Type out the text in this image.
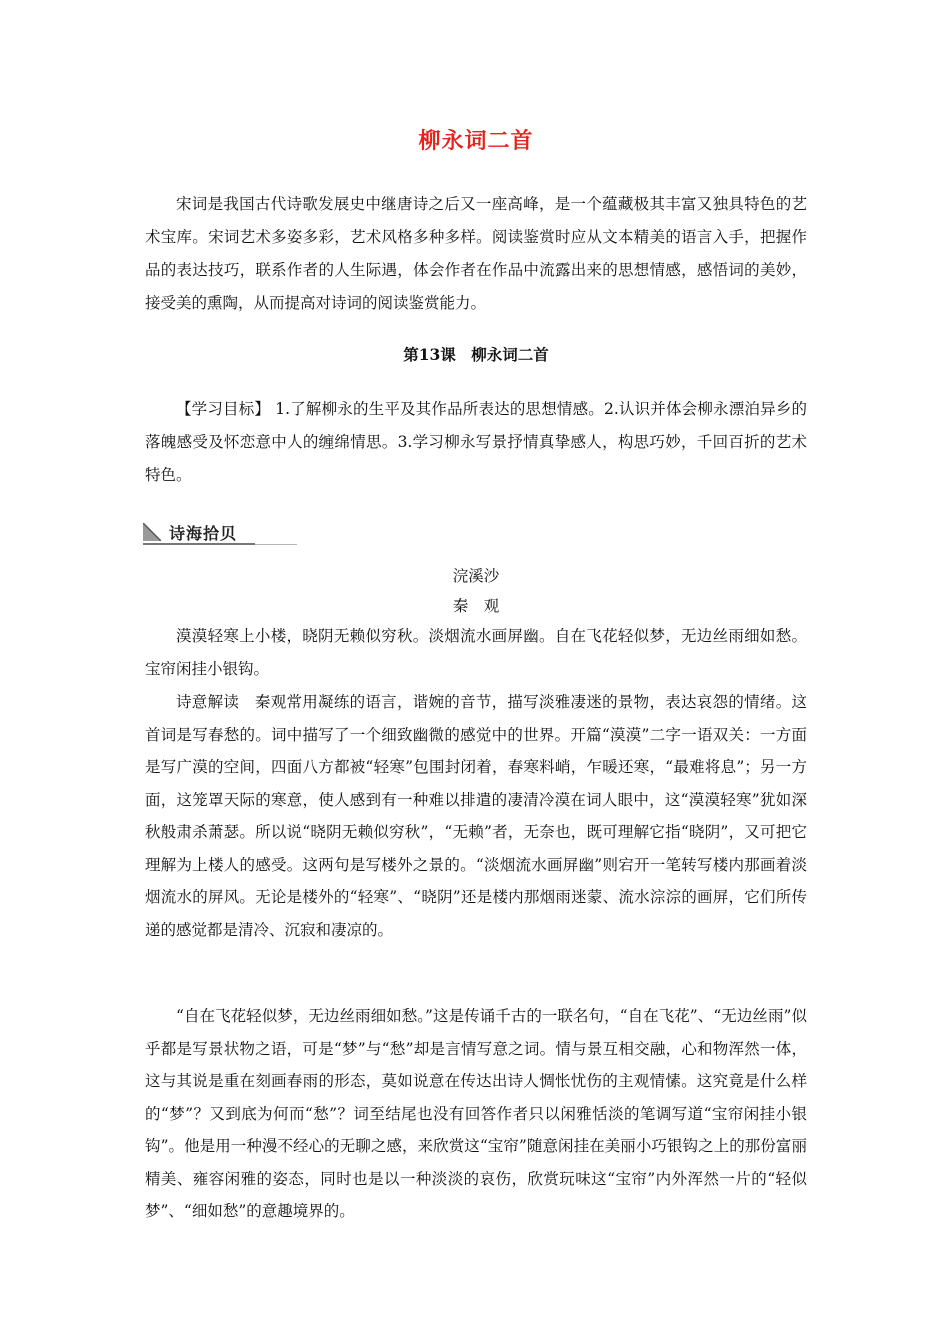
柳永词二首

宋词是我国古代诗歌发展史中继唐诗之后又一座高峰，是一个蕴藏极其丰富又独具特色的艺术宝库。宋词艺术多姿多彩，艺术风格多种多样。阅读鉴赏时应从文本精美的语言入手，把握作品的表达技巧，联系作者的人生际遇，体会作者在作品中流露出来的思想情感，感悟词的美妙，接受美的熏陶，从而提高对诗词的阅读鉴赏能力。

第13课　柳永词二首

【学习目标】 1.了解柳永的生平及其作品所表达的思想情感。2.认识并体会柳永漂泊异乡的落魄感受及怀恋意中人的缠绵情思。3.学习柳永写景抒情真挚感人，构思巧妙，千回百折的艺术特色。

诗海拾贝
浣溪沙
秦　观

漠漠轻寒上小楼，晓阴无赖似穷秋。淡烟流水画屏幽。自在飞花轻似梦，无边丝雨细如愁。宝帘闲挂小银钩。

诗意解读　秦观常用凝练的语言，谐婉的音节，描写淡雅凄迷的景物，表达哀怨的情绪。这首词是写春愁的。词中描写了一个细致幽微的感觉中的世界。开篇“漠漠”二字一语双关：一方面是写广漠的空间，四面八方都被“轻寒”包围封闭着，春寒料峭，乍暖还寒，“最难将息”；另一方面，这笼罩天际的寒意，使人感到有一种难以排遣的凄清冷漠在词人眼中，这“漠漠轻寒”犹如深秋般肃杀萧瑟。所以说“晓阴无赖似穷秋”，“无赖”者，无奈也，既可理解它指“晓阴”，又可把它理解为上楼人的感受。这两句是写楼外之景的。“淡烟流水画屏幽”则宕开一笔转写楼内那画着淡烟流水的屏风。无论是楼外的“轻寒”、“晓阴”还是楼内那烟雨迷蒙、流水淙淙的画屏，它们所传递的感觉都是清冷、沉寂和凄凉的。

“自在飞花轻似梦，无边丝雨细如愁。”这是传诵千古的一联名句，“自在飞花”、“无边丝雨”似乎都是写景状物之语，可是“梦”与“愁”却是言情写意之词。情与景互相交融，心和物浑然一体，这与其说是重在刻画春雨的形态，莫如说意在传达出诗人惆怅忧伤的主观情愫。这究竟是什么样的“梦”？又到底为何而“愁”？词至结尾也没有回答作者只以闲雅恬淡的笔调写道“宝帘闲挂小银钩”。他是用一种漫不经心的无聊之感，来欣赏这“宝帘”随意闲挂在美丽小巧银钩之上的那份富丽精美、雍容闲雅的姿态，同时也是以一种淡淡的哀伤，欣赏玩味这“宝帘”内外浑然一片的“轻似梦”、“细如愁”的意趣境界的。
